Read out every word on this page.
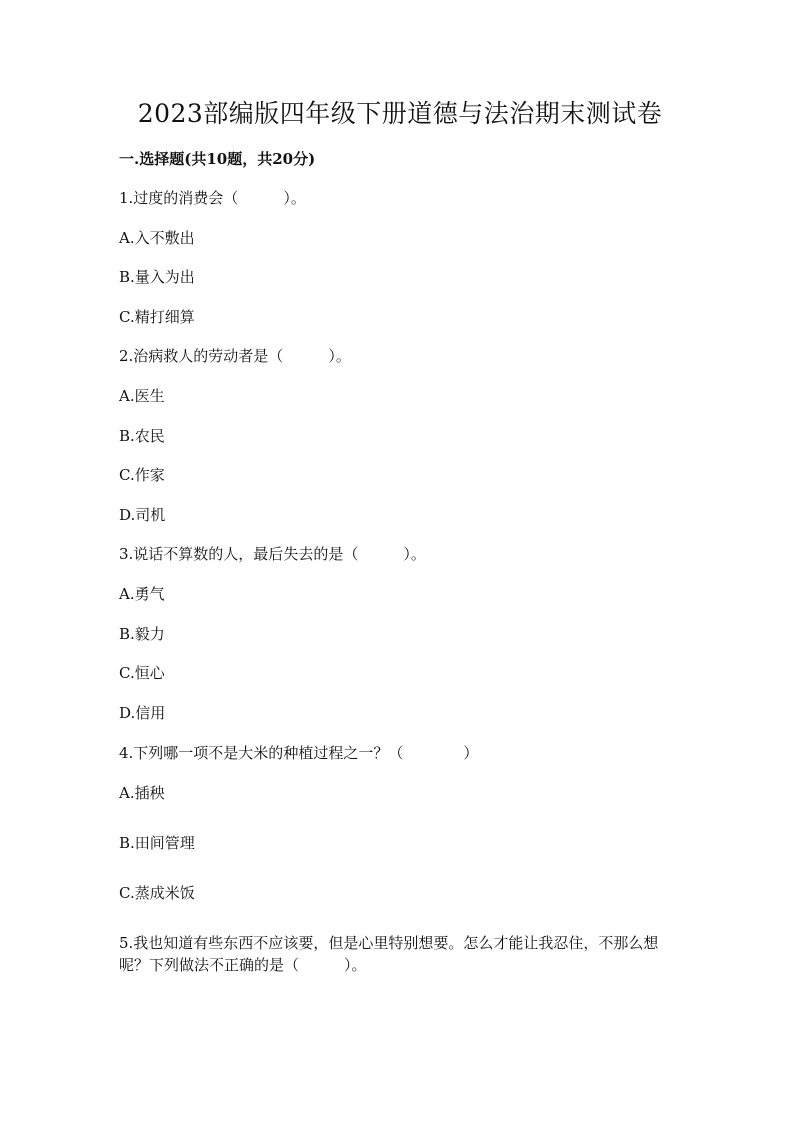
2023部编版四年级下册道德与法治期末测试卷
一.选择题(共10题，共20分)
1.过度的消费会（　　　）。
A.入不敷出
B.量入为出
C.精打细算
2.治病救人的劳动者是（　　　）。
A.医生
B.农民
C.作家
D.司机
3.说话不算数的人，最后失去的是（　　　）。
A.勇气
B.毅力
C.恒心
D.信用
4.下列哪一项不是大米的种植过程之一？（　　　　）
A.插秧
B.田间管理
C.蒸成米饭
5.我也知道有些东西不应该要，但是心里特别想要。怎么才能让我忍住，不那么想呢？下列做法不正确的是（　　　）。
